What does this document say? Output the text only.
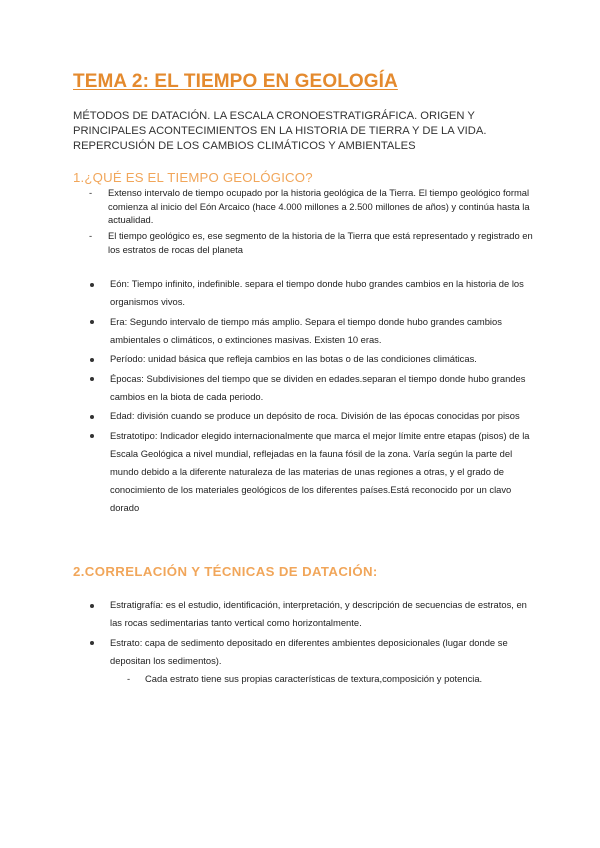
TEMA 2: EL TIEMPO EN GEOLOGÍA

MÉTODOS DE DATACIÓN. LA ESCALA CRONOESTRATIGRÁFICA. ORIGEN Y PRINCIPALES ACONTECIMIENTOS EN LA HISTORIA DE TIERRA Y DE LA VIDA. REPERCUSIÓN DE LOS CAMBIOS CLIMÁTICOS Y AMBIENTALES

1.¿QUÉ ES EL TIEMPO GEOLÓGICO?
- Extenso intervalo de tiempo ocupado por la historia geológica de la Tierra. El tiempo geológico formal comienza al inicio del Eón Arcaico (hace 4.000 millones a 2.500 millones de años) y continúa hasta la actualidad.
- El tiempo geológico es, ese segmento de la historia de la Tierra que está representado y registrado en los estratos de rocas del planeta
Eón: Tiempo infinito, indefinible. separa el tiempo donde hubo grandes cambios en la historia de los organismos vivos.
Era: Segundo intervalo de tiempo más amplio. Separa el tiempo donde hubo grandes cambios ambientales o climáticos, o extinciones masivas. Existen 10 eras.
Período: unidad básica que refleja cambios en las botas o de las condiciones climáticas.
Épocas: Subdivisiones del tiempo que se dividen en edades.separan el tiempo donde hubo grandes cambios en la biota de cada periodo.
Edad: división cuando se produce un depósito de roca. División de las épocas conocidas por pisos
Estratotipo: Indicador elegido internacionalmente que marca el mejor límite entre etapas (pisos) de la Escala Geológica a nivel mundial, reflejadas en la fauna fósil de la zona. Varía según la parte del mundo debido a la diferente naturaleza de las materias de unas regiones a otras, y el grado de conocimiento de los materiales geológicos de los diferentes países.Está reconocido por un clavo dorado
2.CORRELACIÓN Y TÉCNICAS DE DATACIÓN:
Estratigrafía: es el estudio, identificación, interpretación, y descripción de secuencias de estratos, en las rocas sedimentarias tanto vertical como horizontalmente.
Estrato: capa de sedimento depositado en diferentes ambientes deposicionales (lugar donde se depositan los sedimentos).
- Cada estrato tiene sus propias características de textura,composición y potencia.
